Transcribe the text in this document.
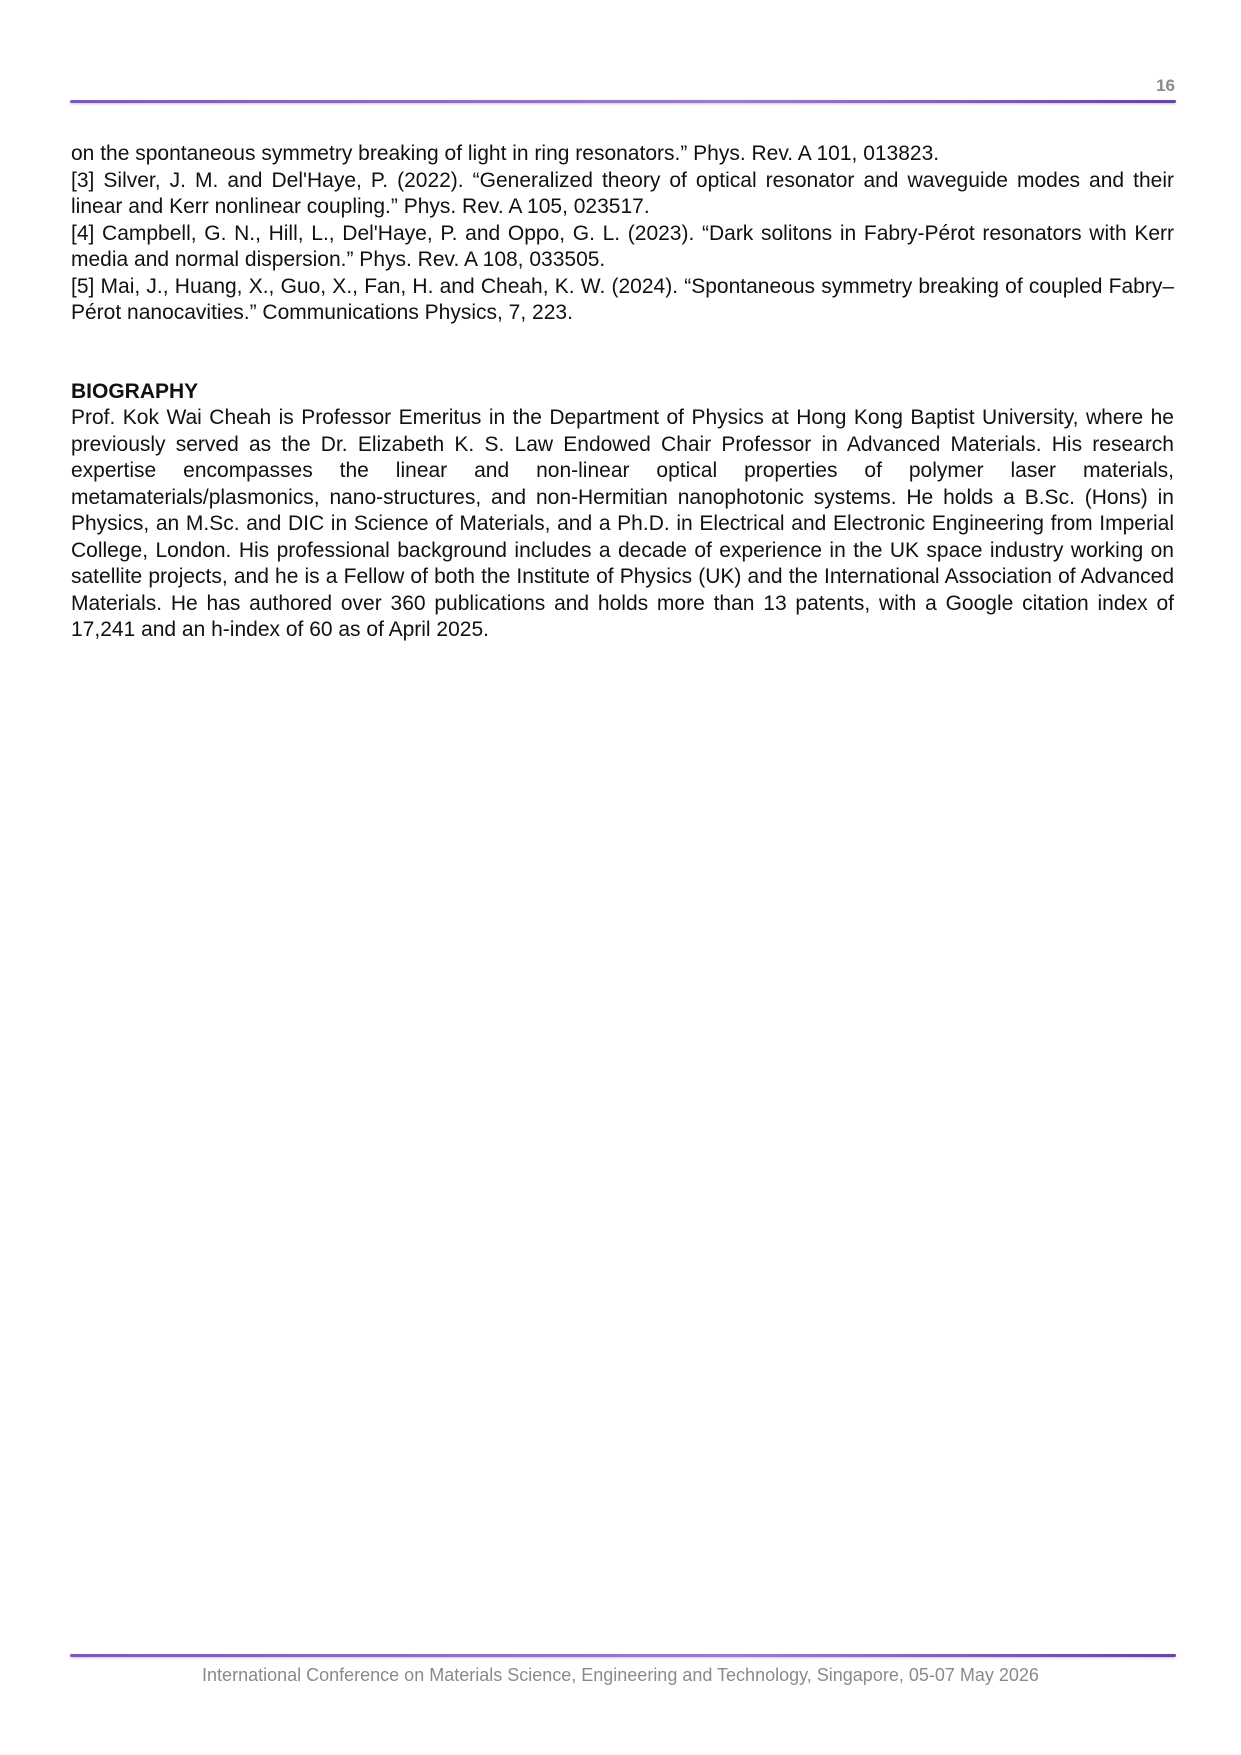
16

on the spontaneous symmetry breaking of light in ring resonators.” Phys. Rev. A 101, 013823.

[3] Silver, J. M. and Del'Haye, P. (2022). “Generalized theory of optical resonator and waveguide modes and their linear and Kerr nonlinear coupling.” Phys. Rev. A 105, 023517.

[4] Campbell, G. N., Hill, L., Del'Haye, P. and Oppo, G. L. (2023). “Dark solitons in Fabry-Pérot resonators with Kerr media and normal dispersion.” Phys. Rev. A 108, 033505.

[5] Mai, J., Huang, X., Guo, X., Fan, H. and Cheah, K. W. (2024). “Spontaneous symmetry breaking of coupled Fabry–Pérot nanocavities.” Communications Physics, 7, 223.

BIOGRAPHY

Prof. Kok Wai Cheah is Professor Emeritus in the Department of Physics at Hong Kong Baptist University, where he previously served as the Dr. Elizabeth K. S. Law Endowed Chair Professor in Advanced Materials. His research expertise encompasses the linear and non-linear optical properties of polymer laser materials, metamaterials/plasmonics, nano-structures, and non-Hermitian nanophotonic systems. He holds a B.Sc. (Hons) in Physics, an M.Sc. and DIC in Science of Materials, and a Ph.D. in Electrical and Electronic Engineering from Imperial College, London. His professional background includes a decade of experience in the UK space industry working on satellite projects, and he is a Fellow of both the Institute of Physics (UK) and the International Association of Advanced Materials. He has authored over 360 publications and holds more than 13 patents, with a Google citation index of 17,241 and an h-index of 60 as of April 2025.

International Conference on Materials Science, Engineering and Technology, Singapore, 05-07 May 2026
